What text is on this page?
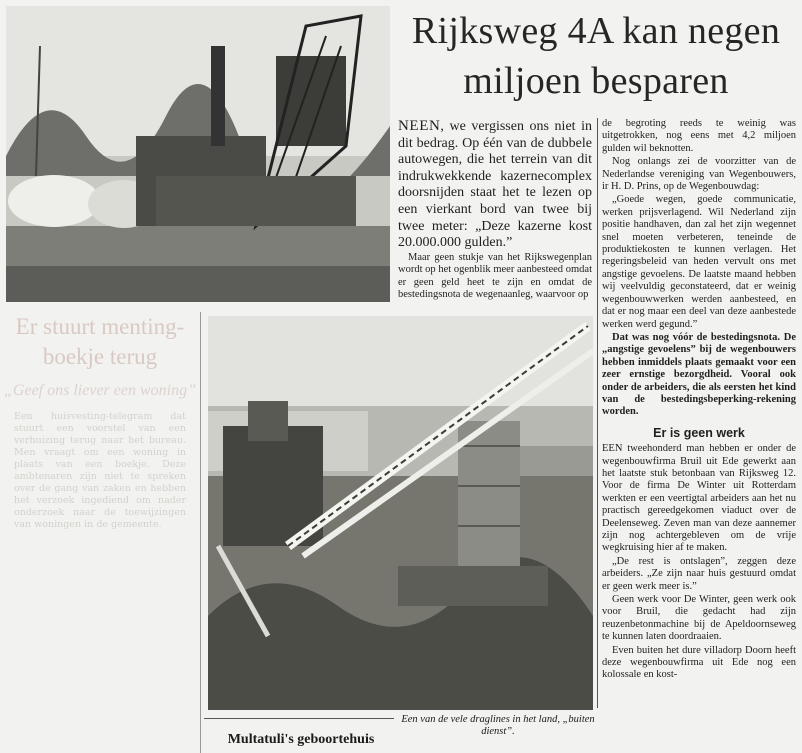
Rijksweg 4A kan negen miljoen besparen

NEEN, we vergissen ons niet in dit bedrag. Op één van de dubbele autowegen, die het terrein van dit indrukwekkende kazernecomplex doorsnijden staat het te lezen op een vierkant bord van twee bij twee meter: „Deze kazerne kost 20.000.000 gulden.”

Maar geen stukje van het Rijkswegenplan wordt op het ogenblik meer aanbesteed omdat er geen geld heet te zijn en omdat de bestedingsnota de wegenaanleg, waarvoor op

de begroting reeds te weinig was uitgetrokken, nog eens met 4,2 miljoen gulden wil beknotten.

Nog onlangs zei de voorzitter van de Nederlandse vereniging van Wegenbouwers, ir H. D. Prins, op de Wegenbouwdag:

„Goede wegen, goede communicatie, werken prijsverlagend. Wil Nederland zijn positie handhaven, dan zal het zijn wegennet snel moeten verbeteren, teneinde de produktiekosten te kunnen verlagen. Het regeringsbeleid van heden vervult ons met angstige gevoelens. De laatste maand hebben wij veelvuldig geconstateerd, dat er weinig wegenbouwwerken werden aanbesteed, en dat er nog maar een deel van deze aanbestede werken werd gegund.”

Dat was nog vóór de bestedingsnota. De „angstige gevoelens” bij de wegenbouwers hebben inmiddels plaats gemaakt voor een zeer ernstige bezorgdheid. Vooral ook onder de arbeiders, die als eersten het kind van de bestedingsbeperking-rekening worden.

Er is geen werk

EEN tweehonderd man hebben er onder de wegenbouwfirma Bruil uit Ede gewerkt aan het laatste stuk betonbaan van Rijksweg 12. Voor de firma De Winter uit Rotterdam werkten er een veertigtal arbeiders aan het nu practisch gereedgekomen viaduct over de Deelenseweg. Zeven man van deze aannemer zijn nog achtergebleven om de vrije wegkruising hier af te maken.

„De rest is ontslagen”, zeggen deze arbeiders. „Ze zijn naar huis gestuurd omdat er geen werk meer is.”

Geen werk voor De Winter, geen werk ook voor Bruil, die gedacht had zijn reuzenbetonmachine bij de Apeldoornseweg te kunnen laten doordraaien.

Even buiten het dure villadorp Doorn heeft deze wegenbouwfirma uit Ede nog een kolossale en kost-

Er stuurt menting-boekje terug
„Geef ons liever een woning”
Een huisvesting-telegram dat stuurt een voorstel van een verhuizing terug naar het bureau. Men vraagt om een woning in plaats van een boekje. Deze ambtenaren zijn niet te spreken over de gang van zaken en hebben het verzoek ingediend om nader onderzoek naar de toewijzingen van woningen in de gemeente.
Een van de vele draglines in het land, „buiten dienst”.
Multatuli's geboortehuis
